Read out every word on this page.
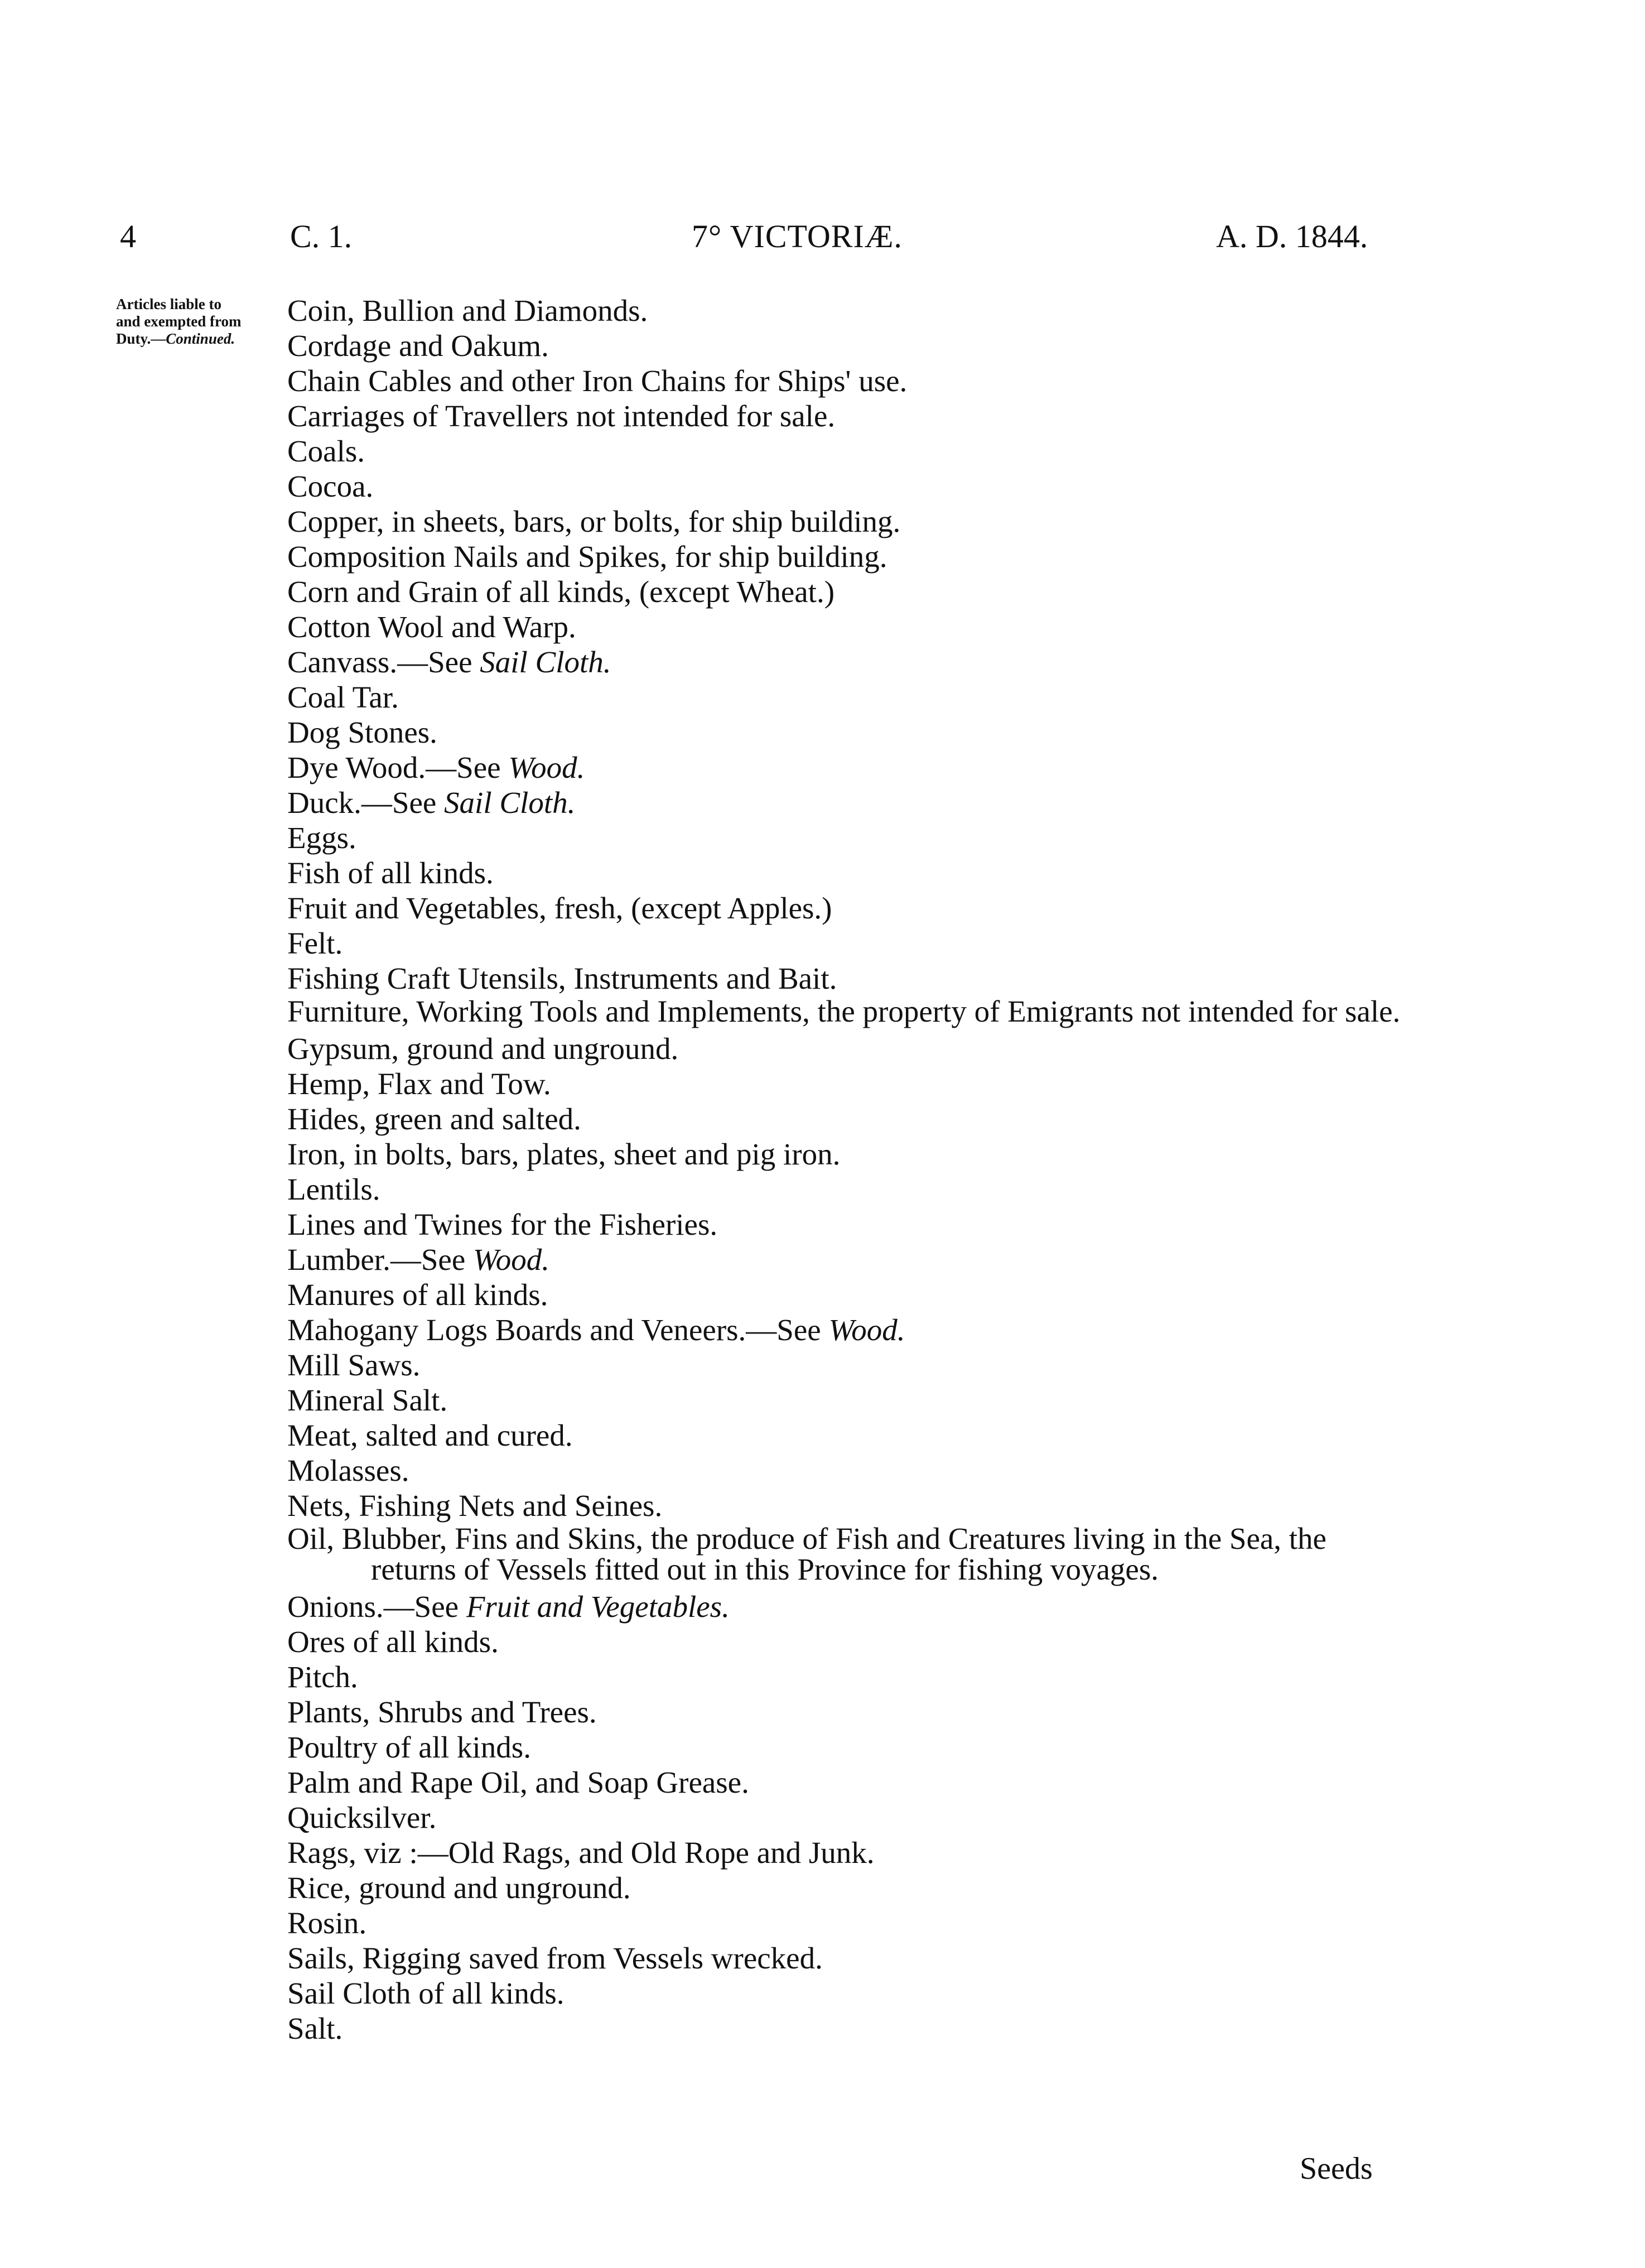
4	C. 1.	7° VICTORIÆ.	A. D. 1844.
Articles liable to
and exempted from
Duty.—Continued.
Coin, Bullion and Diamonds.
Cordage and Oakum.
Chain Cables and other Iron Chains for Ships' use.
Carriages of Travellers not intended for sale.
Coals.
Cocoa.
Copper, in sheets, bars, or bolts, for ship building.
Composition Nails and Spikes, for ship building.
Corn and Grain of all kinds, (except Wheat.)
Cotton Wool and Warp.
Canvass.—See Sail Cloth.
Coal Tar.
Dog Stones.
Dye Wood.—See Wood.
Duck.—See Sail Cloth.
Eggs.
Fish of all kinds.
Fruit and Vegetables, fresh, (except Apples.)
Felt.
Fishing Craft Utensils, Instruments and Bait.
Furniture, Working Tools and Implements, the property of Emigrants not intended for sale.
Gypsum, ground and unground.
Hemp, Flax and Tow.
Hides, green and salted.
Iron, in bolts, bars, plates, sheet and pig iron.
Lentils.
Lines and Twines for the Fisheries.
Lumber.—See Wood.
Manures of all kinds.
Mahogany Logs Boards and Veneers.—See Wood.
Mill Saws.
Mineral Salt.
Meat, salted and cured.
Molasses.
Nets, Fishing Nets and Seines.
Oil, Blubber, Fins and Skins, the produce of Fish and Creatures living in the Sea, the returns of Vessels fitted out in this Province for fishing voyages.
Onions.—See Fruit and Vegetables.
Ores of all kinds.
Pitch.
Plants, Shrubs and Trees.
Poultry of all kinds.
Palm and Rape Oil, and Soap Grease.
Quicksilver.
Rags, viz :—Old Rags, and Old Rope and Junk.
Rice, ground and unground.
Rosin.
Sails, Rigging saved from Vessels wrecked.
Sail Cloth of all kinds.
Salt.
Seeds
